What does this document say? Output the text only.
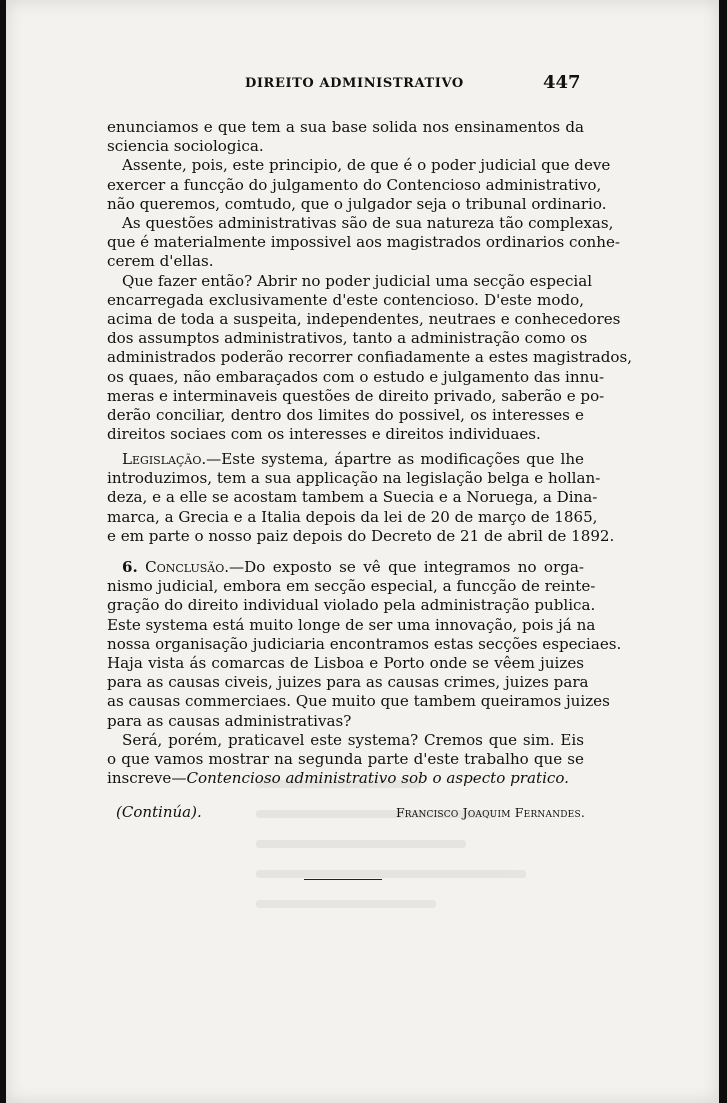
DIREITO ADMINISTRATIVO	447
enunciamos e que tem a sua base solida nos ensinamentos da
sciencia sociologica.
Assente, pois, este principio, de que é o poder judicial que deve
exercer a funcção do julgamento do Contencioso administrativo,
não queremos, comtudo, que o julgador seja o tribunal ordinario.
As questões administrativas são de sua natureza tão complexas,
que é materialmente impossivel aos magistrados ordinarios conhe-
cerem d'ellas.
Que fazer então? Abrir no poder judicial uma secção especial
encarregada exclusivamente d'este contencioso. D'este modo,
acima de toda a suspeita, independentes, neutraes e conhecedores
dos assumptos administrativos, tanto a administração como os
administrados poderão recorrer confiadamente a estes magistrados,
os quaes, não embaraçados com o estudo e julgamento das innu-
meras e interminaveis questões de direito privado, saberão e po-
derão conciliar, dentro dos limites do possivel, os interesses e
direitos sociaes com os interesses e direitos individuaes.
Legislação.—Este systema, ápartre as modificações que lhe
introduzimos, tem a sua applicação na legislação belga e hollan-
deza, e a elle se acostam tambem a Suecia e a Noruega, a Dina-
marca, a Grecia e a Italia depois da lei de 20 de março de 1865,
e em parte o nosso paiz depois do Decreto de 21 de abril de 1892.
6. Conclusão.—Do exposto se vê que integramos no orga-
nismo judicial, embora em secção especial, a funcção de reinte-
gração do direito individual violado pela administração publica.
Este systema está muito longe de ser uma innovação, pois já na
nossa organisação judiciaria encontramos estas secções especiaes.
Haja vista ás comarcas de Lisboa e Porto onde se vêem juizes
para as causas civeis, juizes para as causas crimes, juizes para
as causas commerciaes. Que muito que tambem queiramos juizes
para as causas administrativas?
Será, porém, praticavel este systema? Cremos que sim. Eis
o que vamos mostrar na segunda parte d'este trabalho que se
inscreve—Contencioso administrativo sob o aspecto pratico.
(Continúa).	Francisco Joaquim Fernandes.
